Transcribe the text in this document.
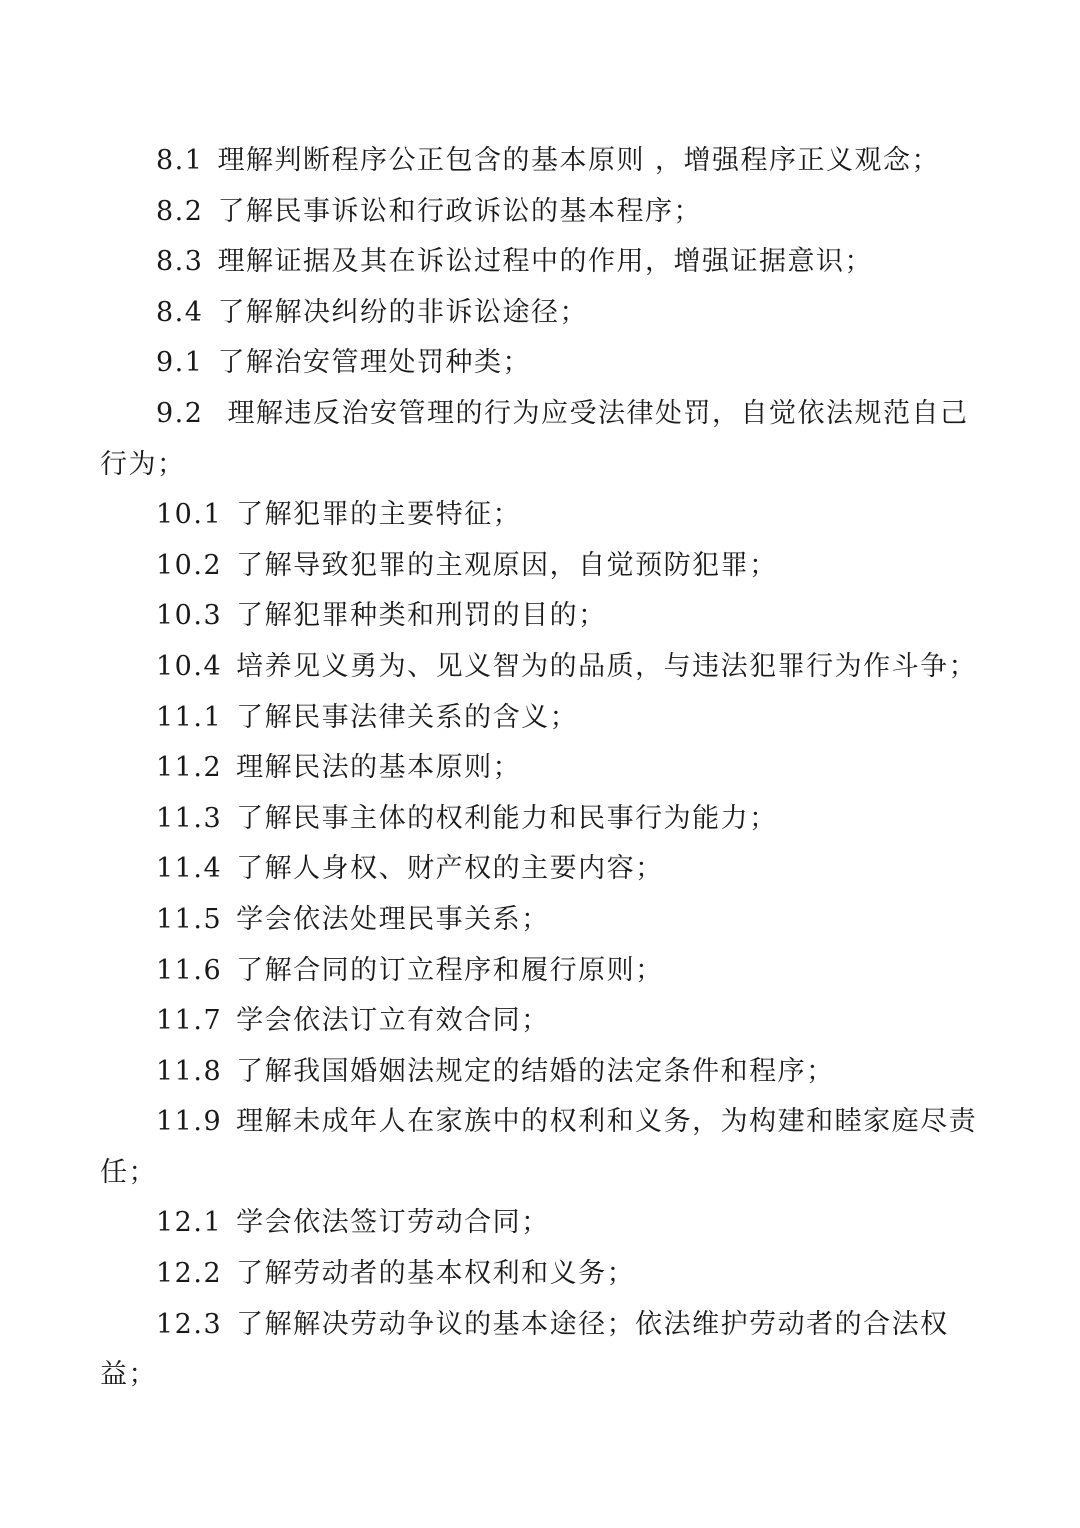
8.1 理解判断程序公正包含的基本原则 ，增强程序正义观念；

8.2 了解民事诉讼和行政诉讼的基本程序；

8.3 理解证据及其在诉讼过程中的作用，增强证据意识；

8.4 了解解决纠纷的非诉讼途径；

9.1 了解治安管理处罚种类；

9.2 理解违反治安管理的行为应受法律处罚，自觉依法规范自己行为；

10.1 了解犯罪的主要特征；

10.2 了解导致犯罪的主观原因，自觉预防犯罪；

10.3 了解犯罪种类和刑罚的目的；

10.4 培养见义勇为、见义智为的品质，与违法犯罪行为作斗争；

11.1 了解民事法律关系的含义；

11.2 理解民法的基本原则；

11.3 了解民事主体的权利能力和民事行为能力；

11.4 了解人身权、财产权的主要内容；

11.5 学会依法处理民事关系；

11.6 了解合同的订立程序和履行原则；

11.7 学会依法订立有效合同；

11.8 了解我国婚姻法规定的结婚的法定条件和程序；

11.9 理解未成年人在家族中的权利和义务，为构建和睦家庭尽责任；

12.1 学会依法签订劳动合同；

12.2 了解劳动者的基本权利和义务；

12.3 了解解决劳动争议的基本途径；依法维护劳动者的合法权益；
